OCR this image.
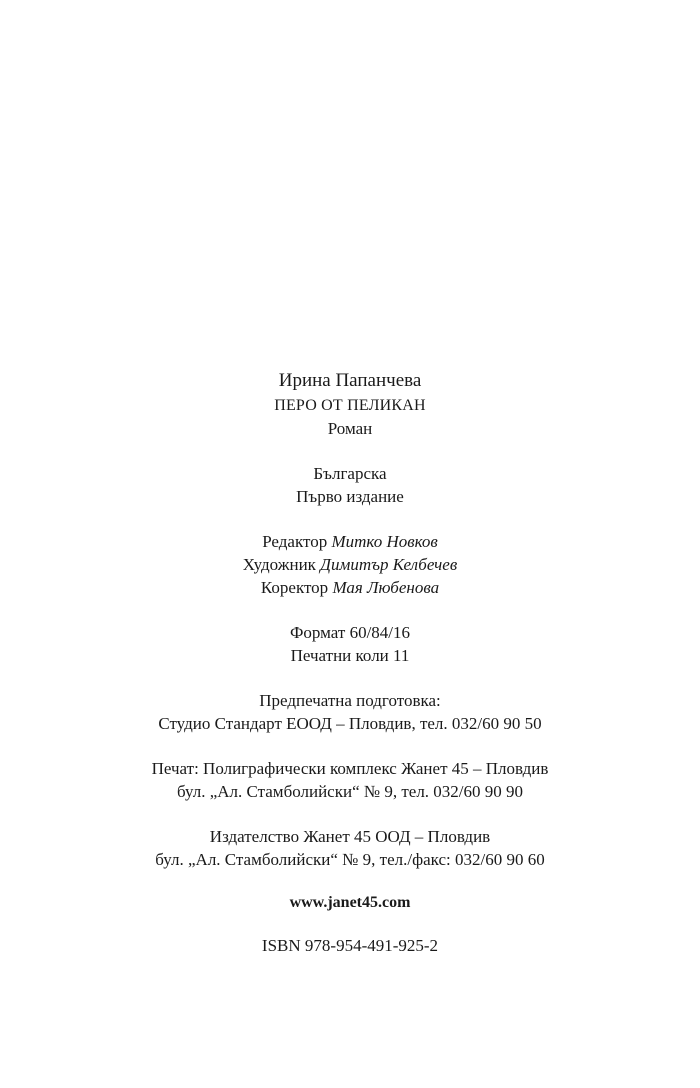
Ирина Папанчева
ПЕРО ОТ ПЕЛИКАН
Роман
Българска
Първо издание
Редактор Митко Новков
Художник Димитър Келбечев
Коректор Мая Любенова
Формат 60/84/16
Печатни коли 11
Предпечатна подготовка:
Студио Стандарт ЕООД – Пловдив, тел. 032/60 90 50
Печат: Полиграфически комплекс Жанет 45 – Пловдив
бул. „Ал. Стамболийски“ № 9, тел. 032/60 90 90
Издателство Жанет 45 ООД – Пловдив
бул. „Ал. Стамболийски“ № 9, тел./факс: 032/60 90 60
www.janet45.com
ISBN 978-954-491-925-2
